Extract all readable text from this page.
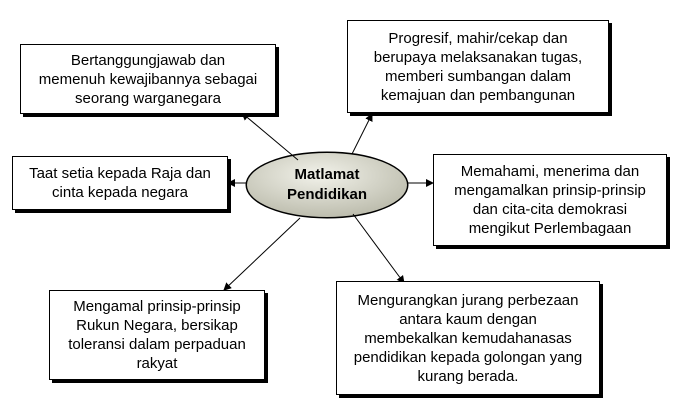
Matlamat
Pendidikan
Bertanggungjawab dan
memenuh kewajibannya sebagai
seorang warganegara
Progresif, mahir/cekap dan
berupaya melaksanakan tugas,
memberi sumbangan dalam
kemajuan dan pembangunan
Taat setia kepada Raja dan
cinta kepada negara
Memahami, menerima dan
mengamalkan prinsip-prinsip
dan cita-cita demokrasi
mengikut Perlembagaan
Mengamal prinsip-prinsip
Rukun Negara, bersikap
toleransi dalam perpaduan
rakyat
Mengurangkan jurang perbezaan
antara kaum dengan
membekalkan kemudahanasas
pendidikan kepada golongan yang
kurang berada.
